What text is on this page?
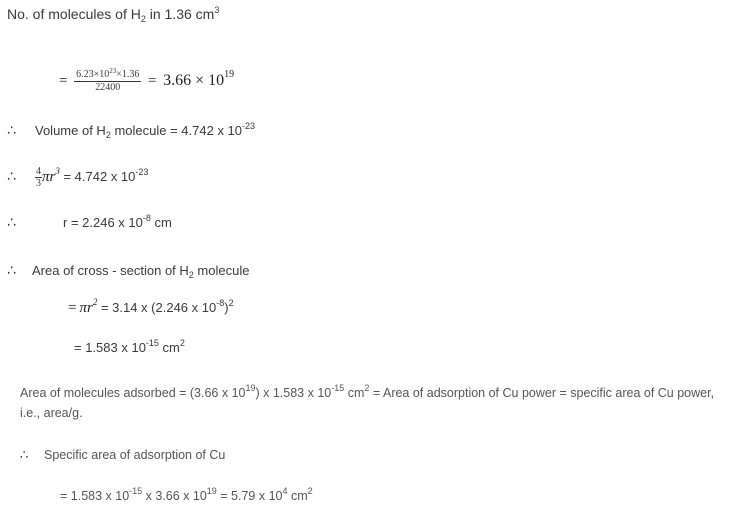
No. of molecules of $H_2$ in 1.36 $cm^3$
= $\frac{6.23\times 10^{23}\times 1.36}{22400} = 3.66 \times 10^{19}$
∴ Volume of $H_2$ molecule = 4.742 x $10^{-23}$
∴ $\frac{4}{3} \pi r^3 = 4.742$ x $10^{-23}$
∴	r = 2.246 x $10^{-8}$ cm
∴ Area of cross - section of $H_2$ molecule
= $\pi r^2 = 3.14$ x (2.246 x $10^{-8})^2$
= 1.583 x $10^{-15}$ $cm^2$
Area of molecules adsorbed = (3.66 x $10^{19}$) x 1.583 x $10^{-15}$ $cm^2$ = Area of adsorption of Cu power = specific area of Cu power,
i.e., area/g.
∴ Specific area of adsorption of Cu
= 1.583 x $10^{-15}$ x 3.66 x $10^{19} = 5.79$ x $10^4$ $cm^2$
